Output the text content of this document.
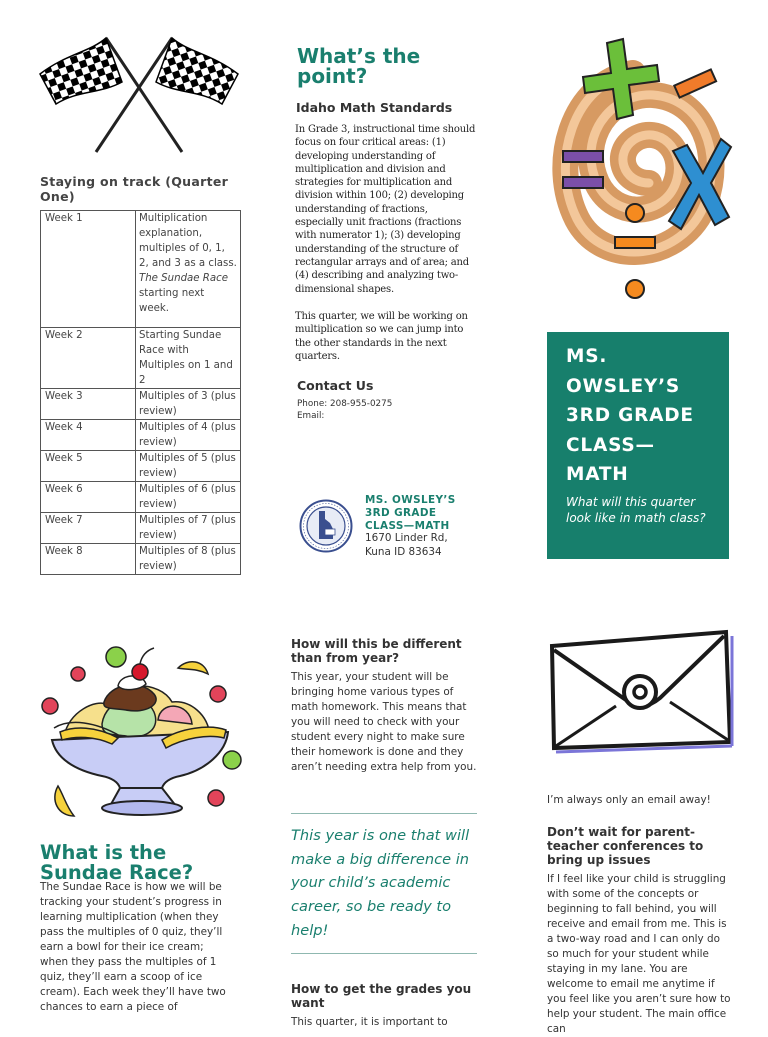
Staying on track (Quarter One)
Week 1	Multiplication explanation, multiples of 0, 1, 2, and 3 as a class. The Sundae Race starting next week.
Week 2	Starting Sundae Race with Multiples on 1 and 2
Week 3	Multiples of 3 (plus review)
Week 4	Multiples of 4 (plus review)
Week 5	Multiples of 5 (plus review)
Week 6	Multiples of 6 (plus review)
Week 7	Multiples of 7 (plus review)
Week 8	Multiples of 8 (plus review)
What’s the point?
Idaho Math Standards
In Grade 3, instructional time should focus on four critical areas: (1) developing understanding of multiplication and division and strategies for multiplication and division within 100; (2) developing understanding of fractions, especially unit fractions (fractions with numerator 1); (3) developing understanding of the structure of rectangular arrays and of area; and (4) describing and analyzing two-dimensional shapes.
This quarter, we will be working on multiplication so we can jump into the other standards in the next quarters.
Contact Us
Phone: 208-955-0275
Email:
MS. OWSLEY’S 3RD GRADE CLASS—MATH
1670 Linder Rd,
Kuna ID 83634
MS. OWSLEY’S 3RD GRADE CLASS—MATH
What will this quarter look like in math class?
What is the Sundae Race?
The Sundae Race is how we will be tracking your student’s progress in learning multiplication (when they pass the multiples of 0 quiz, they’ll earn a bowl for their ice cream; when they pass the multiples of 1 quiz, they’ll earn a scoop of ice cream). Each week they’ll have two chances to earn a piece of
How will this be different than from year?
This year, your student will be bringing home various types of math homework. This means that you will need to check with your student every night to make sure their homework is done and they aren’t needing extra help from you.
This year is one that will make a big difference in your child’s academic career, so be ready to help!
How to get the grades you want
This quarter, it is important to
I’m always only an email away!
Don’t wait for parent-teacher conferences to bring up issues
If I feel like your child is struggling with some of the concepts or beginning to fall behind, you will receive and email from me. This is a two-way road and I can only do so much for your student while staying in my lane. You are welcome to email me anytime if you feel like you aren’t sure how to help your student. The main office can
